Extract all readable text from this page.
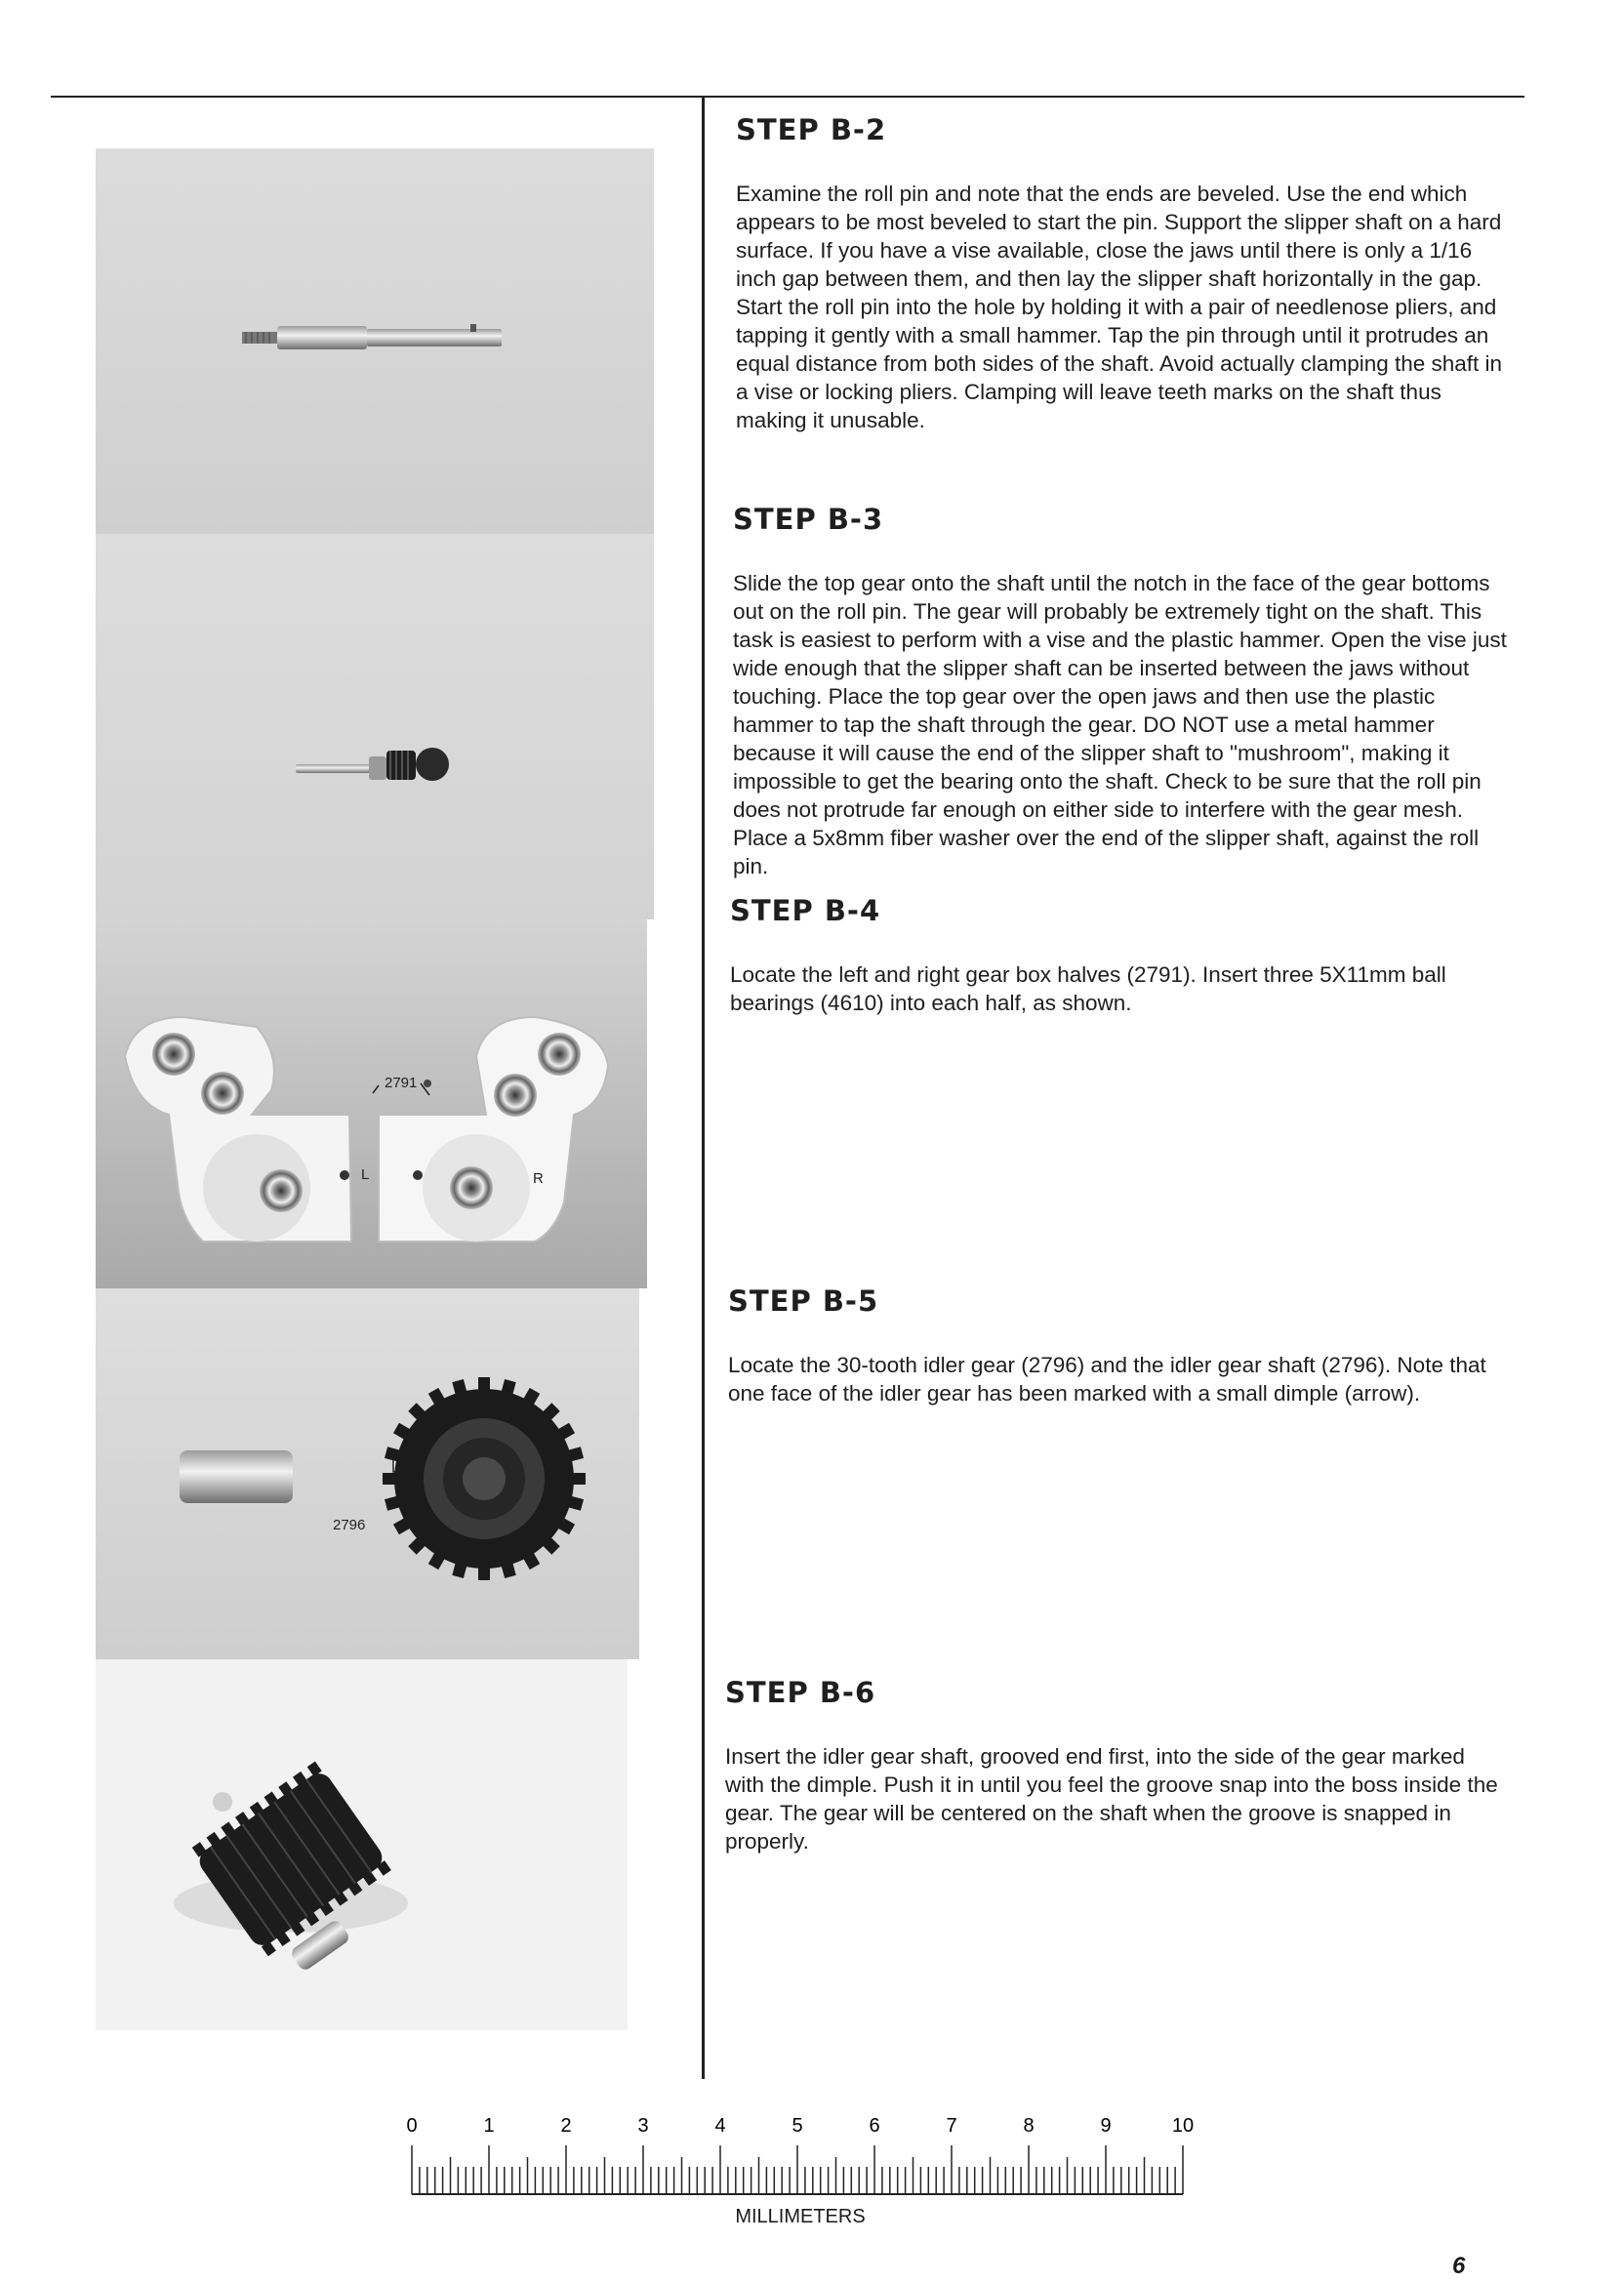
L	R
2791
2796
STEP B-2

Examine the roll pin and note that the ends are beveled. Use the end which appears to be most beveled to start the pin. Support the slipper shaft on a hard surface. If you have a vise available, close the jaws until there is only a 1/16 inch gap between them, and then lay the slipper shaft horizontally in the gap. Start the roll pin into the hole by holding it with a pair of needlenose pliers, and tapping it gently with a small hammer. Tap the pin through until it protrudes an equal distance from both sides of the shaft. Avoid actually clamping the shaft in a vise or locking pliers. Clamping will leave teeth marks on the shaft thus making it unusable.

STEP B-3

Slide the top gear onto the shaft until the notch in the face of the gear bottoms out on the roll pin. The gear will probably be extremely tight on the shaft. This task is easiest to perform with a vise and the plastic hammer. Open the vise just wide enough that the slipper shaft can be inserted between the jaws without touching. Place the top gear over the open jaws and then use the plastic hammer to tap the shaft through the gear. DO NOT use a metal hammer because it will cause the end of the slipper shaft to "mushroom", making it impossible to get the bearing onto the shaft. Check to be sure that the roll pin does not protrude far enough on either side to interfere with the gear mesh. Place a 5x8mm fiber washer over the end of the slipper shaft, against the roll pin.

STEP B-4

Locate the left and right gear box halves (2791). Insert three 5X11mm ball bearings (4610) into each half, as shown.

STEP B-5

Locate the 30-tooth idler gear (2796) and the idler gear shaft (2796). Note that one face of the idler gear has been marked with a small dimple (arrow).

STEP B-6

Insert the idler gear shaft, grooved end first, into the side of the gear marked with the dimple. Push it in until you feel the groove snap into the boss inside the gear. The gear will be centered on the shaft when the groove is snapped in properly.

0	1	2	3	4	5	6	7	8	9	10
MILLIMETERS
6
